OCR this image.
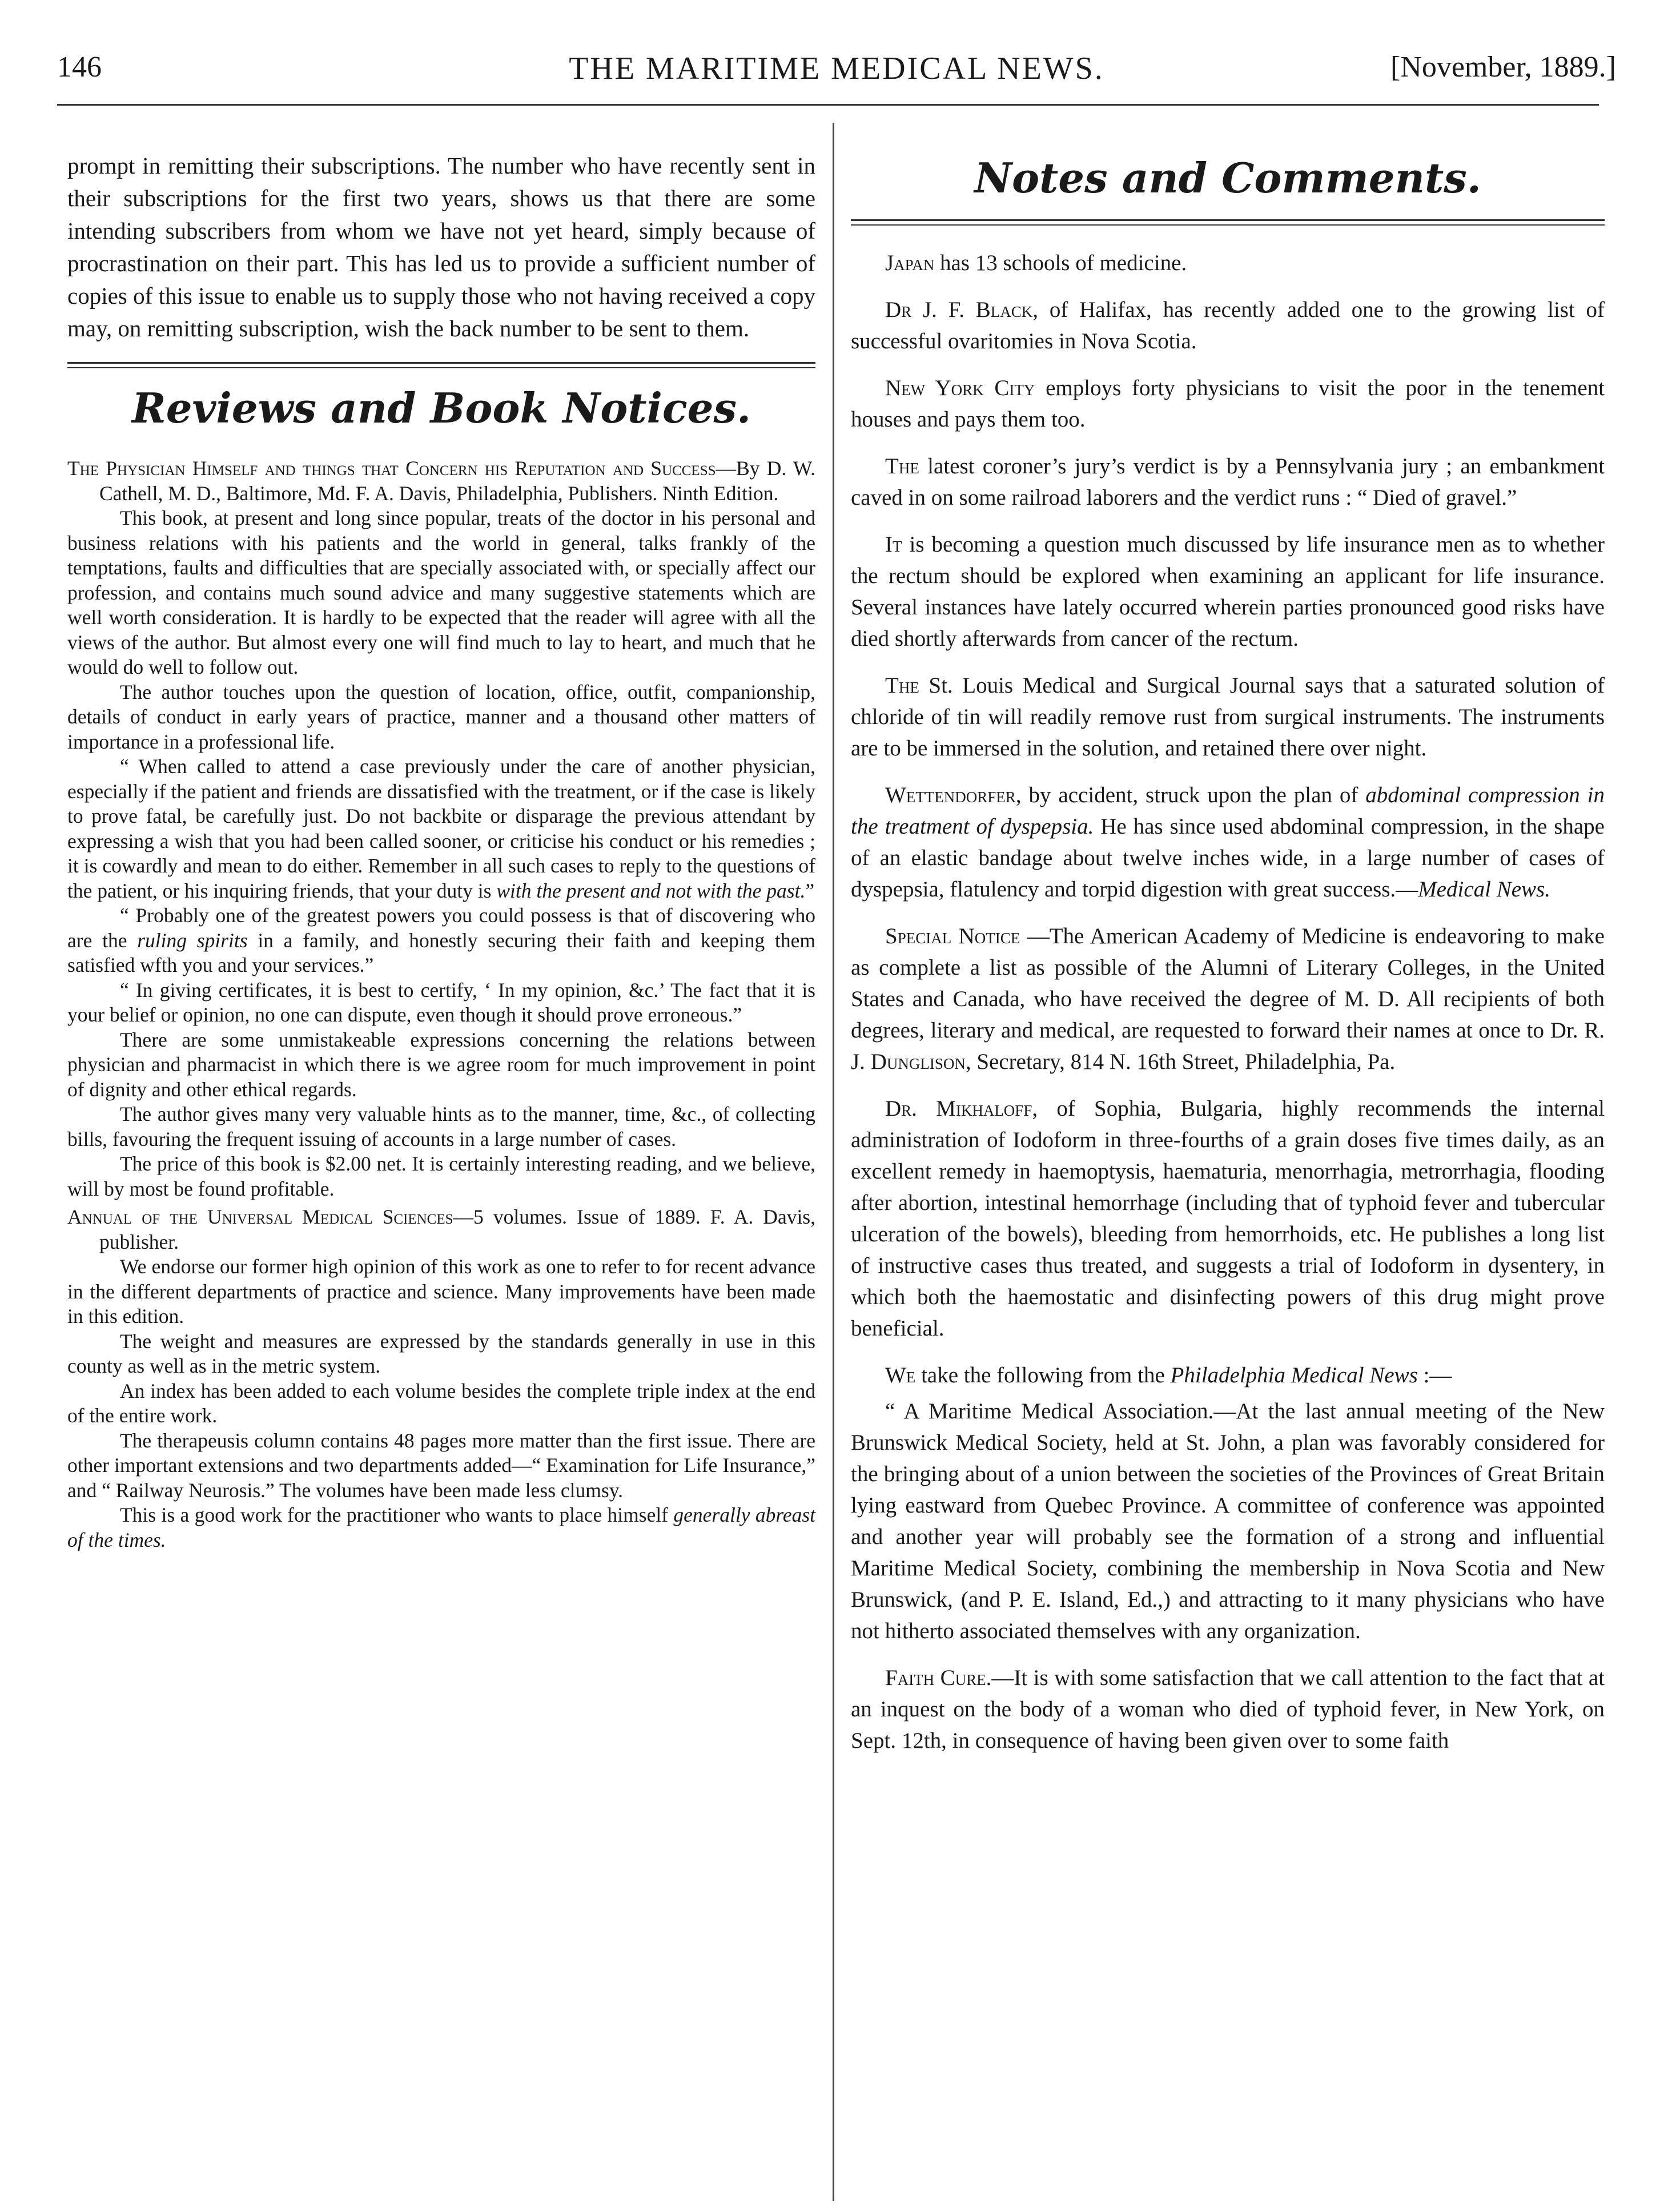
146	THE MARITIME MEDICAL NEWS.	[November, 1889.]

prompt in remitting their subscriptions. The number who have recently sent in their subscriptions for the first two years, shows us that there are some intending subscribers from whom we have not yet heard, simply because of procrastination on their part. This has led us to provide a sufficient number of copies of this issue to enable us to supply those who not having received a copy may, on remitting subscription, wish the back number to be sent to them.

Reviews and Book Notices.

The Physician Himself and things that Concern his Reputation and Success—By D. W. Cathell, M. D., Baltimore, Md. F. A. Davis, Philadelphia, Publishers. Ninth Edition.

This book, at present and long since popular, treats of the doctor in his personal and business relations with his patients and the world in general, talks frankly of the temptations, faults and difficulties that are specially associated with, or specially affect our profession, and contains much sound advice and many suggestive statements which are well worth consideration. It is hardly to be expected that the reader will agree with all the views of the author. But almost every one will find much to lay to heart, and much that he would do well to follow out.

The author touches upon the question of location, office, outfit, companionship, details of conduct in early years of practice, manner and a thousand other matters of importance in a professional life.

“ When called to attend a case previously under the care of another physician, especially if the patient and friends are dissatisfied with the treatment, or if the case is likely to prove fatal, be carefully just. Do not backbite or disparage the previous attendant by expressing a wish that you had been called sooner, or criticise his conduct or his remedies ; it is cowardly and mean to do either. Remember in all such cases to reply to the questions of the patient, or his inquiring friends, that your duty is with the present and not with the past.”

“ Probably one of the greatest powers you could possess is that of discovering who are the ruling spirits in a family, and honestly securing their faith and keeping them satisfied wfth you and your services.”

“ In giving certificates, it is best to certify, ‘ In my opinion, &c.’ The fact that it is your belief or opinion, no one can dispute, even though it should prove erroneous.”

There are some unmistakeable expressions concerning the relations between physician and pharmacist in which there is we agree room for much improvement in point of dignity and other ethical regards.

The author gives many very valuable hints as to the manner, time, &c., of collecting bills, favouring the frequent issuing of accounts in a large number of cases.

The price of this book is $2.00 net. It is certainly interesting reading, and we believe, will by most be found profitable.

Annual of the Universal Medical Sciences—5 volumes. Issue of 1889. F. A. Davis, publisher.

We endorse our former high opinion of this work as one to refer to for recent advance in the different departments of practice and science. Many improvements have been made in this edition.

The weight and measures are expressed by the standards generally in use in this county as well as in the metric system.

An index has been added to each volume besides the complete triple index at the end of the entire work.

The therapeusis column contains 48 pages more matter than the first issue. There are other important extensions and two departments added—“ Examination for Life Insurance,” and “ Railway Neurosis.” The volumes have been made less clumsy.

This is a good work for the practitioner who wants to place himself generally abreast of the times.

Notes and Comments.

Japan has 13 schools of medicine.

Dr J. F. Black, of Halifax, has recently added one to the growing list of successful ovaritomies in Nova Scotia.

New York City employs forty physicians to visit the poor in the tenement houses and pays them too.

The latest coroner’s jury’s verdict is by a Pennsylvania jury ; an embankment caved in on some railroad laborers and the verdict runs : “ Died of gravel.”

It is becoming a question much discussed by life insurance men as to whether the rectum should be explored when examining an applicant for life insurance. Several instances have lately occurred wherein parties pronounced good risks have died shortly afterwards from cancer of the rectum.

The St. Louis Medical and Surgical Journal says that a saturated solution of chloride of tin will readily remove rust from surgical instruments. The instruments are to be immersed in the solution, and retained there over night.

Wettendorfer, by accident, struck upon the plan of abdominal compression in the treatment of dyspepsia. He has since used abdominal compression, in the shape of an elastic bandage about twelve inches wide, in a large number of cases of dyspepsia, flatulency and torpid digestion with great success.—Medical News.

Special Notice —The American Academy of Medicine is endeavoring to make as complete a list as possible of the Alumni of Literary Colleges, in the United States and Canada, who have received the degree of M. D. All recipients of both degrees, literary and medical, are requested to forward their names at once to Dr. R. J. Dunglison, Secretary, 814 N. 16th Street, Philadelphia, Pa.

Dr. Mikhaloff, of Sophia, Bulgaria, highly recommends the internal administration of Iodoform in three-fourths of a grain doses five times daily, as an excellent remedy in haemoptysis, haematuria, menorrhagia, metrorrhagia, flooding after abortion, intestinal hemorrhage (including that of typhoid fever and tubercular ulceration of the bowels), bleeding from hemorrhoids, etc. He publishes a long list of instructive cases thus treated, and suggests a trial of Iodoform in dysentery, in which both the haemostatic and disinfecting powers of this drug might prove beneficial.

We take the following from the Philadelphia Medical News :—

“ A Maritime Medical Association.—At the last annual meeting of the New Brunswick Medical Society, held at St. John, a plan was favorably considered for the bringing about of a union between the societies of the Provinces of Great Britain lying eastward from Quebec Province. A committee of conference was appointed and another year will probably see the formation of a strong and influential Maritime Medical Society, combining the membership in Nova Scotia and New Brunswick, (and P. E. Island, Ed.,) and attracting to it many physicians who have not hitherto associated themselves with any organization.

Faith Cure.—It is with some satisfaction that we call attention to the fact that at an inquest on the body of a woman who died of typhoid fever, in New York, on Sept. 12th, in consequence of having been given over to some faith
